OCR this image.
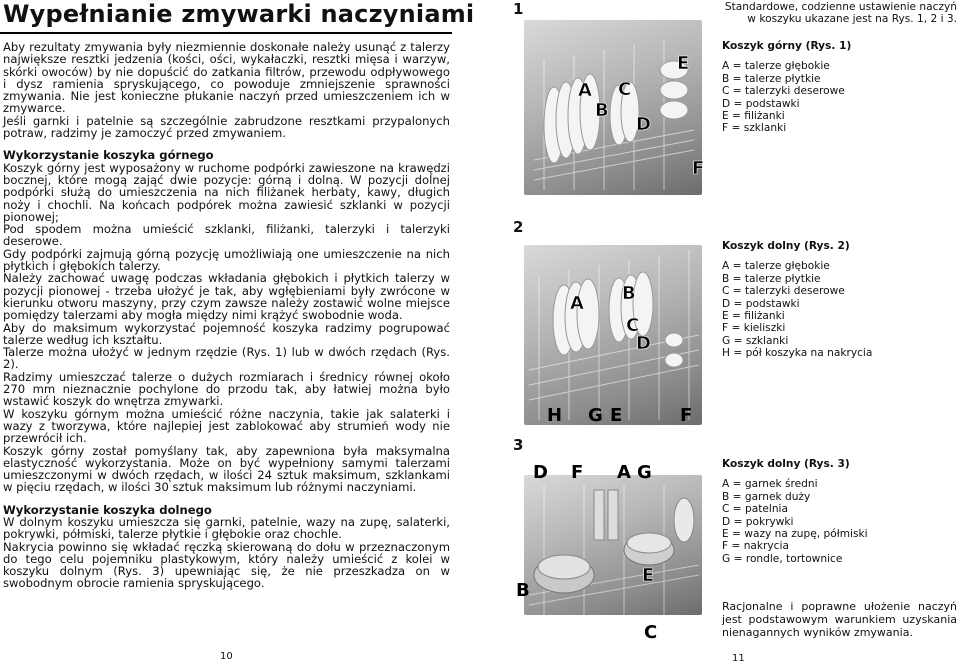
Wypełnianie zmywarki naczyniami

Aby rezultaty zmywania były niezmiennie doskonałe należy usunąć z talerzy największe resztki jedzenia (kości, ości, wykałaczki, resztki mięsa i warzyw, skórki owoców) by nie dopuścić do zatkania filtrów, przewodu odpływowego i dysz ramienia spryskującego, co powoduje zmniejszenie sprawności zmywania. Nie jest konieczne płukanie naczyń przed umieszczeniem ich w zmywarce.

Jeśli garnki i patelnie są szczególnie zabrudzone resztkami przypalonych potraw, radzimy je zamoczyć przed zmywaniem.

Wykorzystanie koszyka górnego

Koszyk górny jest wyposażony w ruchome podpórki zawieszone na krawędzi bocznej, które mogą zająć dwie pozycje: górną i dolną. W pozycji dolnej podpórki służą do umieszczenia na nich filiżanek herbaty, kawy, długich noży i chochli. Na końcach podpórek można zawiesić szklanki w pozycji pionowej;

Pod spodem można umieścić szklanki, filiżanki, talerzyki i talerzyki deserowe.

Gdy podpórki zajmują górną pozycję umożliwiają one umieszczenie na nich płytkich i głębokich talerzy.

Należy zachować uwagę podczas wkładania głębokich i płytkich talerzy w pozycji pionowej - trzeba ułożyć je tak, aby wgłębieniami były zwrócone w kierunku otworu maszyny, przy czym zawsze należy zostawić wolne miejsce pomiędzy talerzami aby mogła między nimi krążyć swobodnie woda.

Aby do maksimum wykorzystać pojemność koszyka radzimy pogrupować talerze według ich kształtu.

Talerze można ułożyć w jednym rzędzie (Rys. 1) lub w dwóch rzędach (Rys. 2).

Radzimy umieszczać talerze o dużych rozmiarach i średnicy równej około 270 mm nieznacznie pochylone do przodu tak, aby łatwiej można było wstawić koszyk do wnętrza zmywarki.

W koszyku górnym można umieścić różne naczynia, takie jak salaterki i wazy z tworzywa, które najlepiej jest zablokować aby strumień wody nie przewrócił ich.

Koszyk górny został pomyślany tak, aby zapewniona była maksymalna elastyczność wykorzystania. Może on być wypełniony samymi talerzami umieszczonymi w dwóch rzędach, w ilości 24 sztuk maksimum, szklankami w pięciu rzędach, w ilości 30 sztuk maksimum lub różnymi naczyniami.

Wykorzystanie koszyka dolnego

W dolnym koszyku umieszcza się garnki, patelnie, wazy na zupę, salaterki, pokrywki, półmiski, talerze płytkie i głębokie oraz chochle.

Nakrycia powinno się wkładać ręczką skierowaną do dołu w przeznaczonym do tego celu pojemniku plastykowym, który należy umieścić z kolei w koszyku dolnym (Rys. 3) upewniając się, że nie przeszkadza on w swobodnym obrocie ramienia spryskującego.

10	11
1
A
B
C
D
E
F
2
A B
C
D
H G E	F
3
E
D F A G
B
C

Standardowe, codzienne ustawienie naczyń w koszyku ukazane jest na Rys. 1, 2 i 3.

Koszyk górny (Rys. 1)

A = talerze głębokie

B = talerze płytkie

C = talerzyki deserowe

D = podstawki

E = filiżanki

F = szklanki

Koszyk dolny (Rys. 2)

A = talerze głębokie

B = talerze płytkie

C = talerzyki deserowe

D = podstawki

E = filiżanki

F = kieliszki

G = szklanki

H = pół koszyka na nakrycia

Koszyk dolny (Rys. 3)

A = garnek średni

B = garnek duży

C = patelnia

D = pokrywki

E = wazy na zupę, półmiski

F = nakrycia

G = rondle, tortownice

Racjonalne i poprawne ułożenie naczyń jest podstawowym warunkiem uzyskania nienagannych wyników zmywania.
